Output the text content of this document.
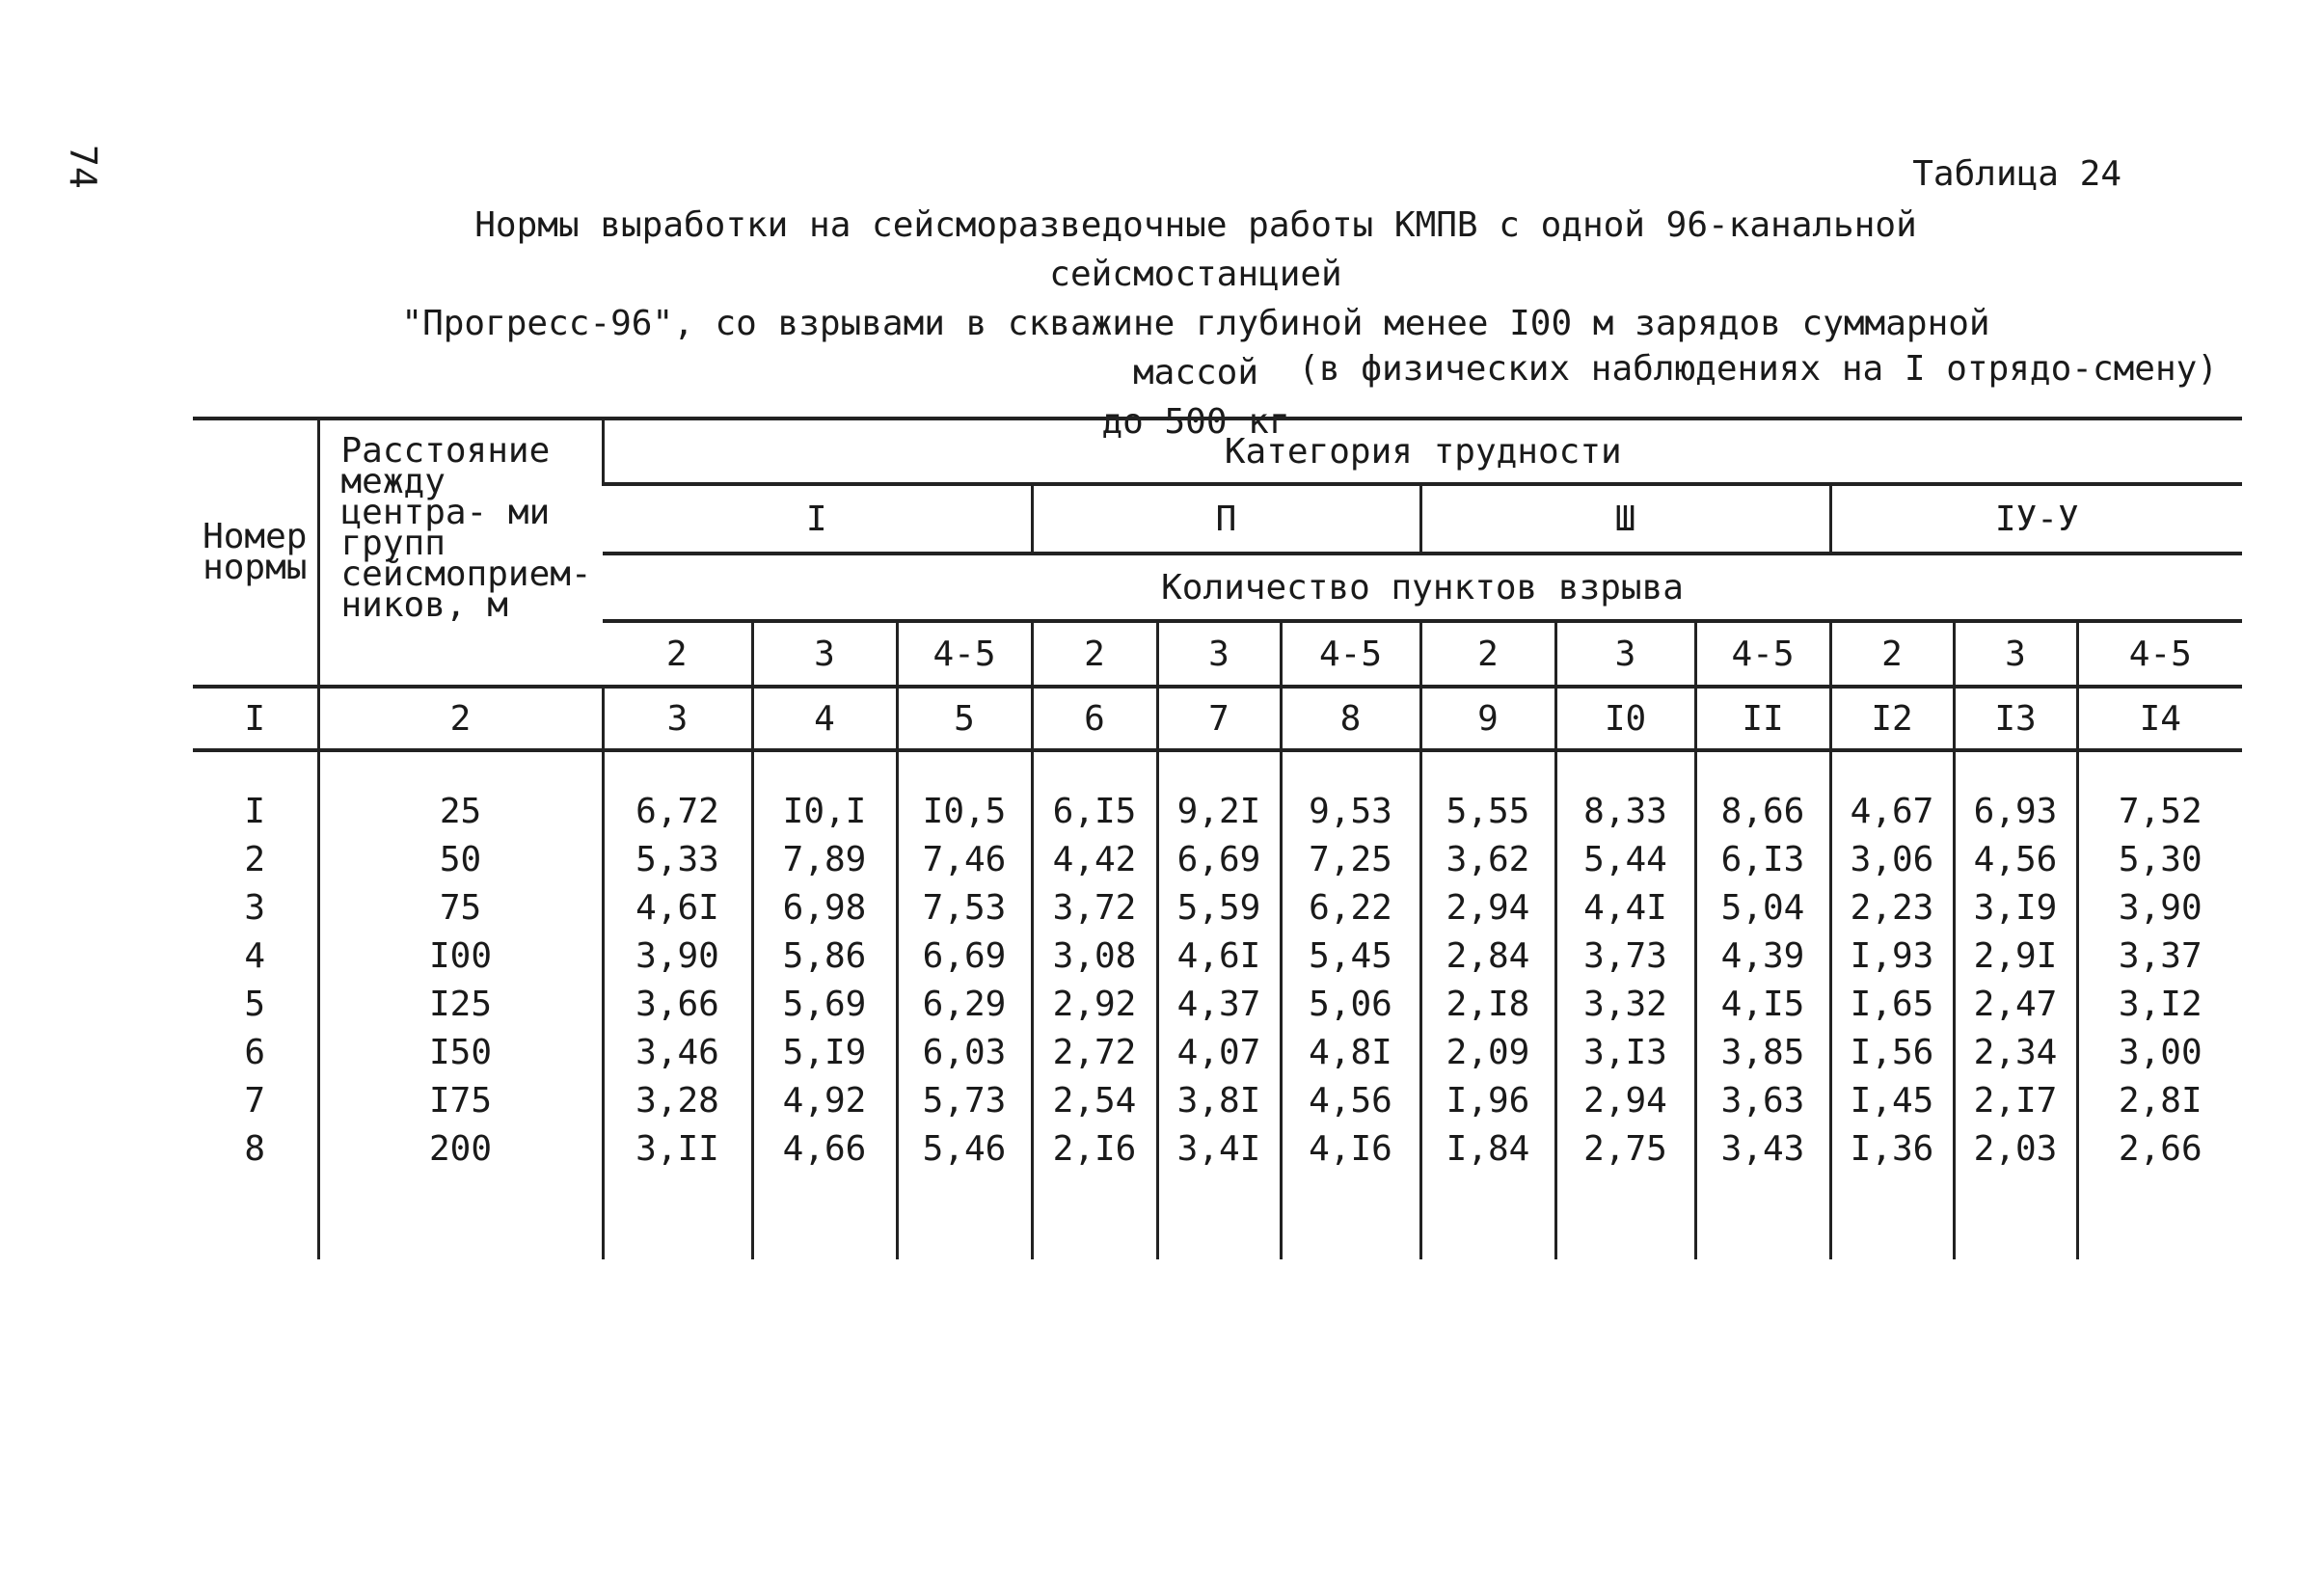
74	Таблица 24
Нормы выработки на сейсморазведочные работы КМПВ с одной 96-канальной сейсмостанцией
"Прогресс-96", со взрывами в скважине глубиной менее I00 м зарядов суммарной массой
до 500 кг
(в физических наблюдениях на I отрядо-смену)
Номер нормы	Расстояние между центра- ми групп сейсмоприем- ников, м	Категория трудности											
		I			П			Ш			IУ-У		
		Количество пунктов взрыва											
		2	3	4-5	2	3	4-5	2	3	4-5	2	3	4-5
I	2	3	4	5	6	7	8	9	I0	II	I2	I3	I4

I	25	6,72	I0,I	I0,5	6,I5	9,2I	9,53	5,55	8,33	8,66	4,67	6,93	7,52
2	50	5,33	7,89	7,46	4,42	6,69	7,25	3,62	5,44	6,I3	3,06	4,56	5,30
3	75	4,6I	6,98	7,53	3,72	5,59	6,22	2,94	4,4I	5,04	2,23	3,I9	3,90
4	I00	3,90	5,86	6,69	3,08	4,6I	5,45	2,84	3,73	4,39	I,93	2,9I	3,37
5	I25	3,66	5,69	6,29	2,92	4,37	5,06	2,I8	3,32	4,I5	I,65	2,47	3,I2
6	I50	3,46	5,I9	6,03	2,72	4,07	4,8I	2,09	3,I3	3,85	I,56	2,34	3,00
7	I75	3,28	4,92	5,73	2,54	3,8I	4,56	I,96	2,94	3,63	I,45	2,I7	2,8I
8	200	3,II	4,66	5,46	2,I6	3,4I	4,I6	I,84	2,75	3,43	I,36	2,03	2,66
